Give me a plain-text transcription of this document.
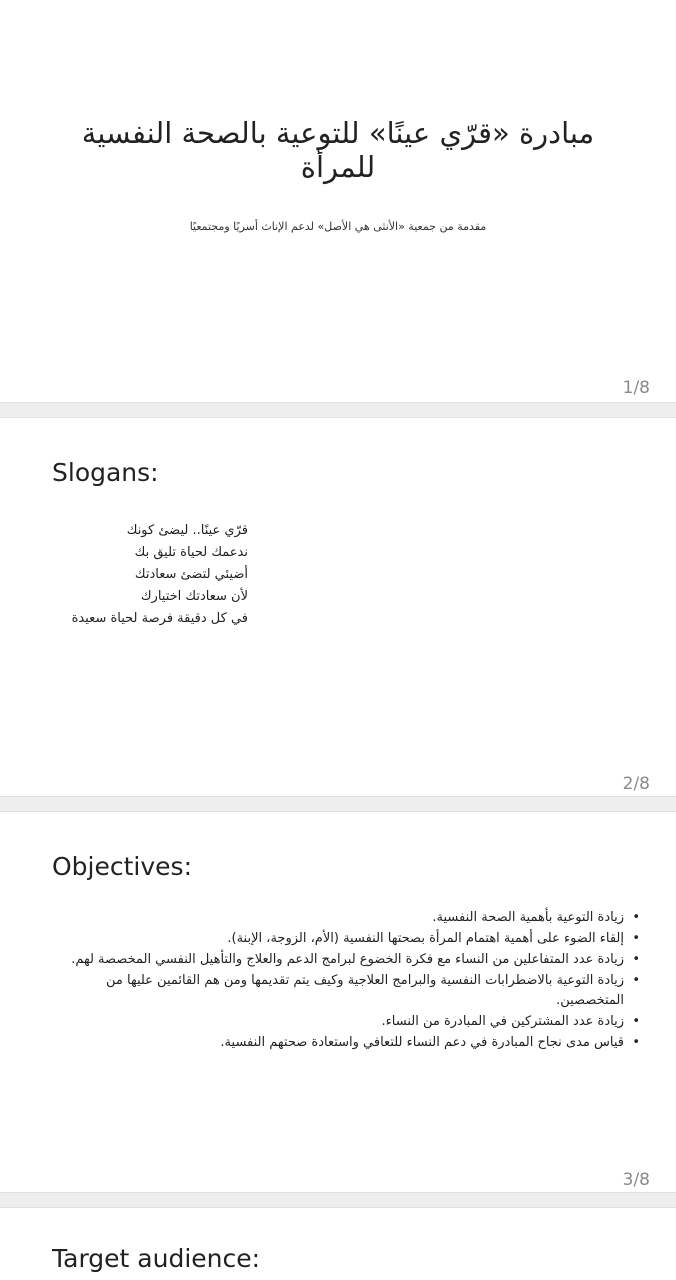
مبادرة «قرّي عينًا» للتوعية بالصحة النفسية للمرأة
مقدمة من جمعية «الأنثى هي الأصل» لدعم الإناث أسريًا ومجتمعيًا
1/8
Slogans:
قرّي عينًا.. ليضئ كونك
ندعمك لحياة تليق بك
أضيئي لتضئ سعادتك
لأن سعادتك اختيارك
في كل دقيقة فرصة لحياة سعيدة
2/8
Objectives:
•
زيادة التوعية بأهمية الصحة النفسية.
•
إلقاء الضوء على أهمية اهتمام المرأة بصحتها النفسية (الأم، الزوجة، الإبنة).
•
زيادة عدد المتفاعلين من النساء مع فكرة الخضوع لبرامج الدعم والعلاج والتأهيل النفسي المخصصة لهم.
•
زيادة التوعية بالاضطرابات النفسية والبرامج العلاجية وكيف يتم تقديمها ومن هم القائمين عليها من المتخصصين.
•
زيادة عدد المشتركين في المبادرة من النساء.
•
قياس مدى نجاح المبادرة في دعم النساء للتعافي واستعادة صحتهم النفسية.
3/8
Target audience:
